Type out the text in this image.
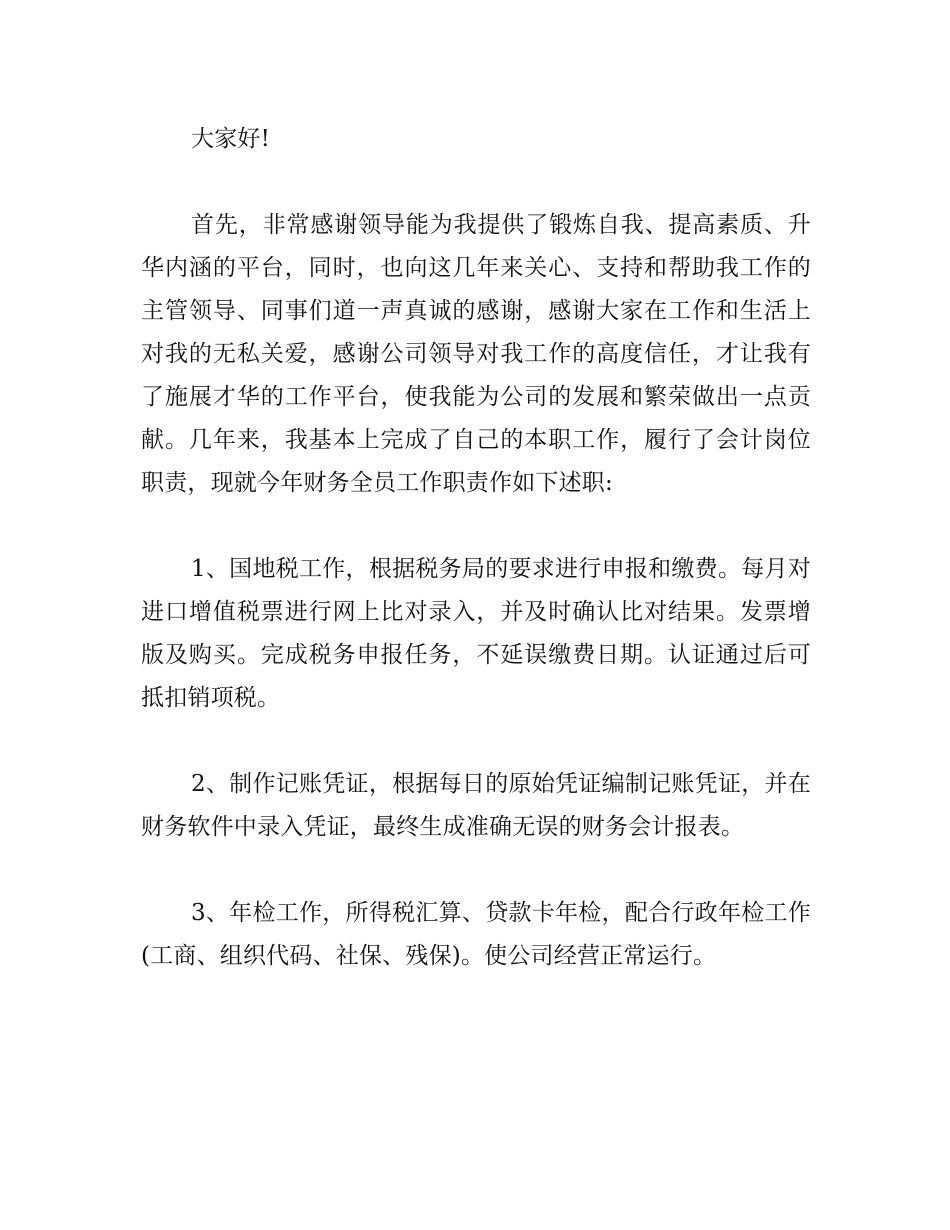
大家好!

首先，非常感谢领导能为我提供了锻炼自我、提高素质、升华内涵的平台，同时，也向这几年来关心、支持和帮助我工作的主管领导、同事们道一声真诚的感谢，感谢大家在工作和生活上对我的无私关爱，感谢公司领导对我工作的高度信任，才让我有了施展才华的工作平台，使我能为公司的发展和繁荣做出一点贡献。几年来，我基本上完成了自己的本职工作，履行了会计岗位职责，现就今年财务全员工作职责作如下述职:

1、国地税工作，根据税务局的要求进行申报和缴费。每月对进口增值税票进行网上比对录入，并及时确认比对结果。发票增版及购买。完成税务申报任务，不延误缴费日期。认证通过后可抵扣销项税。

2、制作记账凭证，根据每日的原始凭证编制记账凭证，并在财务软件中录入凭证，最终生成准确无误的财务会计报表。

3、年检工作，所得税汇算、贷款卡年检，配合行政年检工作(工商、组织代码、社保、残保)。使公司经营正常运行。
